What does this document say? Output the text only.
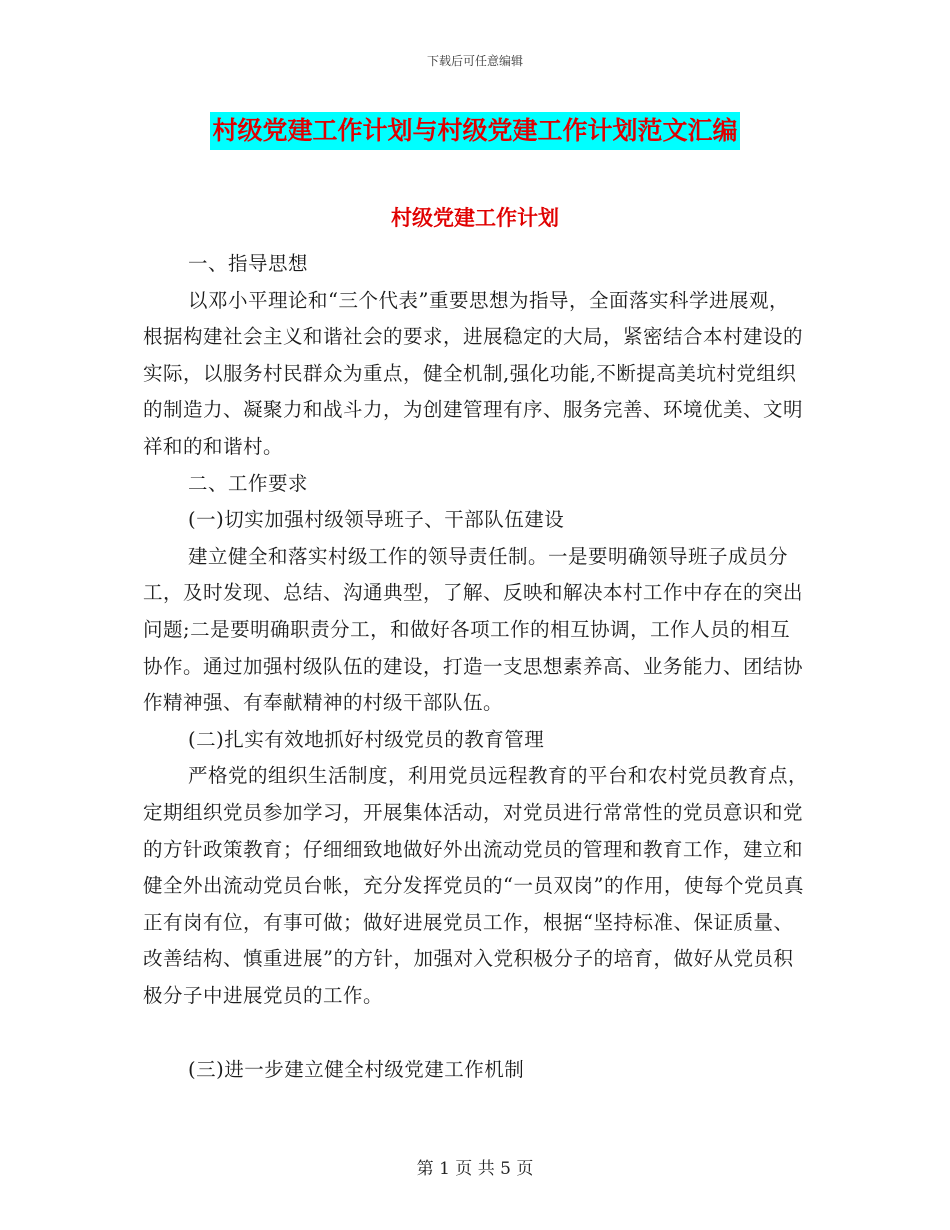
下载后可任意编辑
村级党建工作计划与村级党建工作计划范文汇编
村级党建工作计划

一、指导思想

以邓小平理论和“三个代表”重要思想为指导，全面落实科学进展观，根据构建社会主义和谐社会的要求，进展稳定的大局，紧密结合本村建设的实际，以服务村民群众为重点，健全机制,强化功能,不断提高美坑村党组织的制造力、凝聚力和战斗力，为创建管理有序、服务完善、环境优美、文明祥和的和谐村。

二、工作要求

(一)切实加强村级领导班子、干部队伍建设

建立健全和落实村级工作的领导责任制。一是要明确领导班子成员分工，及时发现、总结、沟通典型，了解、反映和解决本村工作中存在的突出问题;二是要明确职责分工，和做好各项工作的相互协调，工作人员的相互协作。通过加强村级队伍的建设，打造一支思想素养高、业务能力、团结协作精神强、有奉献精神的村级干部队伍。

(二)扎实有效地抓好村级党员的教育管理

严格党的组织生活制度，利用党员远程教育的平台和农村党员教育点，定期组织党员参加学习，开展集体活动，对党员进行常常性的党员意识和党的方针政策教育；仔细细致地做好外出流动党员的管理和教育工作，建立和健全外出流动党员台帐，充分发挥党员的“一员双岗”的作用，使每个党员真正有岗有位，有事可做；做好进展党员工作，根据“坚持标准、保证质量、改善结构、慎重进展”的方针，加强对入党积极分子的培育，做好从党员积极分子中进展党员的工作。

(三)进一步建立健全村级党建工作机制

第 1 页 共 5 页
